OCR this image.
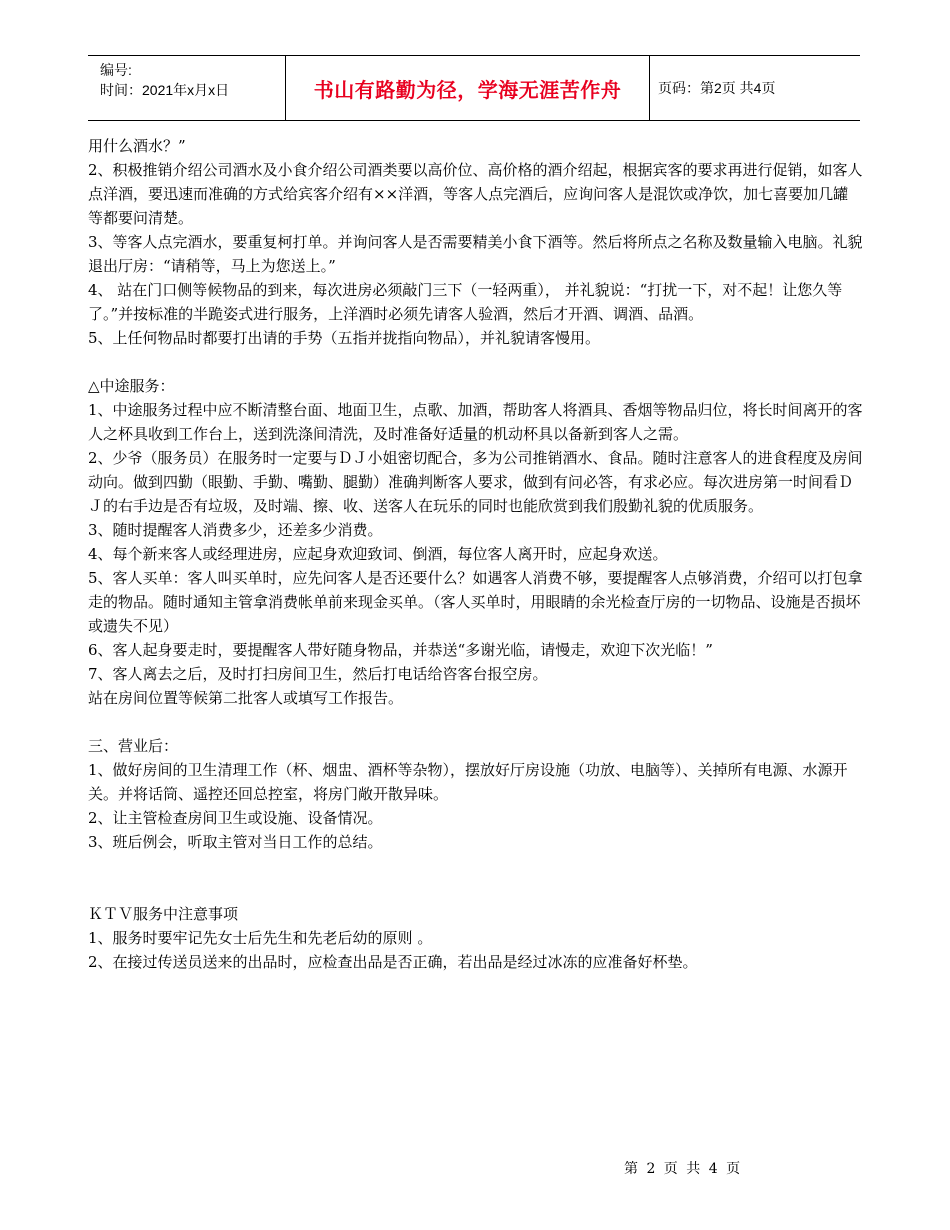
编号:
时间：2021年x月x日	书山有路勤为径，学海无涯苦作舟	页码：第2页 共4页

用什么酒水？”

2、积极推销介绍公司酒水及小食介绍公司酒类要以高价位、高价格的酒介绍起，根据宾客的要求再进行促销，如客人点洋酒，要迅速而准确的方式给宾客介绍有××洋酒，等客人点完酒后，应询问客人是混饮或净饮，加七喜要加几罐等都要问清楚。

3、等客人点完酒水，要重复柯打单。并询问客人是否需要精美小食下酒等。然后将所点之名称及数量输入电脑。礼貌退出厅房：“请稍等，马上为您送上。”

4、 站在门口侧等候物品的到来，每次进房必须敲门三下（一轻两重）， 并礼貌说：“打扰一下，对不起！让您久等了。”并按标准的半跪姿式进行服务，上洋酒时必须先请客人验酒，然后才开酒、调酒、品酒。

5、上任何物品时都要打出请的手势（五指并拢指向物品），并礼貌请客慢用。

△中途服务：

1、中途服务过程中应不断清整台面、地面卫生，点歌、加酒，帮助客人将酒具、香烟等物品归位，将长时间离开的客人之杯具收到工作台上，送到洗涤间清洗，及时准备好适量的机动杯具以备新到客人之需。

2、少爷（服务员）在服务时一定要与ＤＪ小姐密切配合，多为公司推销酒水、食品。随时注意客人的进食程度及房间动向。做到四勤（眼勤、手勤、嘴勤、腿勤）准确判断客人要求，做到有问必答，有求必应。每次进房第一时间看ＤＪ的右手边是否有垃圾，及时端、擦、收、送客人在玩乐的同时也能欣赏到我们殷勤礼貌的优质服务。

3、随时提醒客人消费多少，还差多少消费。

4、每个新来客人或经理进房，应起身欢迎致词、倒酒，每位客人离开时，应起身欢送。

5、客人买单：客人叫买单时，应先问客人是否还要什么？如遇客人消费不够，要提醒客人点够消费，介绍可以打包拿走的物品。随时通知主管拿消费帐单前来现金买单。（客人买单时，用眼睛的余光检查厅房的一切物品、设施是否损坏或遗失不见）

6、客人起身要走时，要提醒客人带好随身物品，并恭送“多谢光临，请慢走，欢迎下次光临！”

7、客人离去之后，及时打扫房间卫生，然后打电话给咨客台报空房。

站在房间位置等候第二批客人或填写工作报告。

三、营业后：

1、做好房间的卫生清理工作（杯、烟盅、酒杯等杂物），摆放好厅房设施（功放、电脑等）、关掉所有电源、水源开关。并将话筒、遥控还回总控室，将房门敞开散异味。

2、让主管检查房间卫生或设施、设备情况。

3、班后例会，听取主管对当日工作的总结。

ＫＴＶ服务中注意事项

1、服务时要牢记先女士后先生和先老后幼的原则 。

2、在接过传送员送来的出品时，应检查出品是否正确，若出品是经过冰冻的应准备好杯垫。

第 2 页 共 4 页
